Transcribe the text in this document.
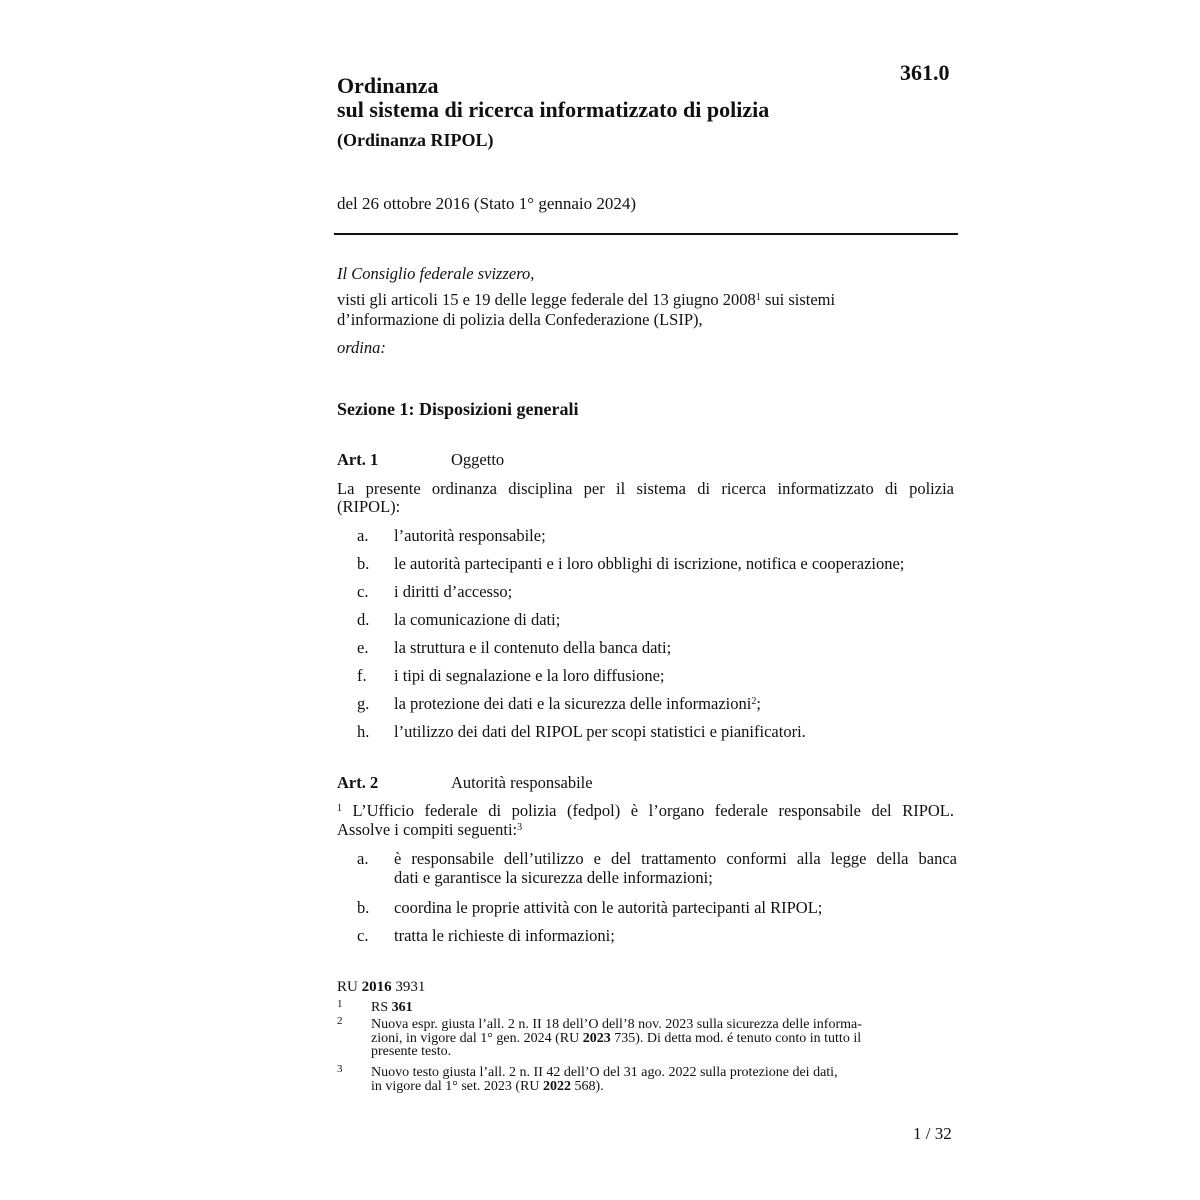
361.0
Ordinanza
sul sistema di ricerca informatizzato di polizia
(Ordinanza RIPOL)
del 26 ottobre 2016 (Stato 1° gennaio 2024)
Il Consiglio federale svizzero,
visti gli articoli 15 e 19 delle legge federale del 13 giugno 2008$^1$ sui sistemi
d’informazione di polizia della Confederazione (LSIP),
ordina:
Sezione 1: Disposizioni generali
Art. 1	Oggetto
La presente ordinanza disciplina per il sistema di ricerca informatizzato di polizia
(RIPOL):
a. l’autorità responsabile;
b. le autorità partecipanti e i loro obblighi di iscrizione, notifica e cooperazione;
c. i diritti d’accesso;
d. la comunicazione di dati;
e. la struttura e il contenuto della banca dati;
f. i tipi di segnalazione e la loro diffusione;
g. la protezione dei dati e la sicurezza delle informazioni$^2$;
h. l’utilizzo dei dati del RIPOL per scopi statistici e pianificatori.
Art. 2	Autorità responsabile
$^1$ L’Ufficio federale di polizia (fedpol) è l’organo federale responsabile del RIPOL.
Assolve i compiti seguenti:$^3$
a. è responsabile dell’utilizzo e del trattamento conformi alla legge della banca
dati e garantisce la sicurezza delle informazioni;
b. coordina le proprie attività con le autorità partecipanti al RIPOL;
c. tratta le richieste di informazioni;
RU 2016 3931
1 RS 361
2 Nuova espr. giusta l’all. 2 n. II 18 dell’O dell’8 nov. 2023 sulla sicurezza delle informa-
zioni, in vigore dal 1° gen. 2024 (RU 2023 735). Di detta mod. é tenuto conto in tutto il
presente testo.
3 Nuovo testo giusta l’all. 2 n. II 42 dell’O del 31 ago. 2022 sulla protezione dei dati,
in vigore dal 1° set. 2023 (RU 2022 568).
1 / 32
